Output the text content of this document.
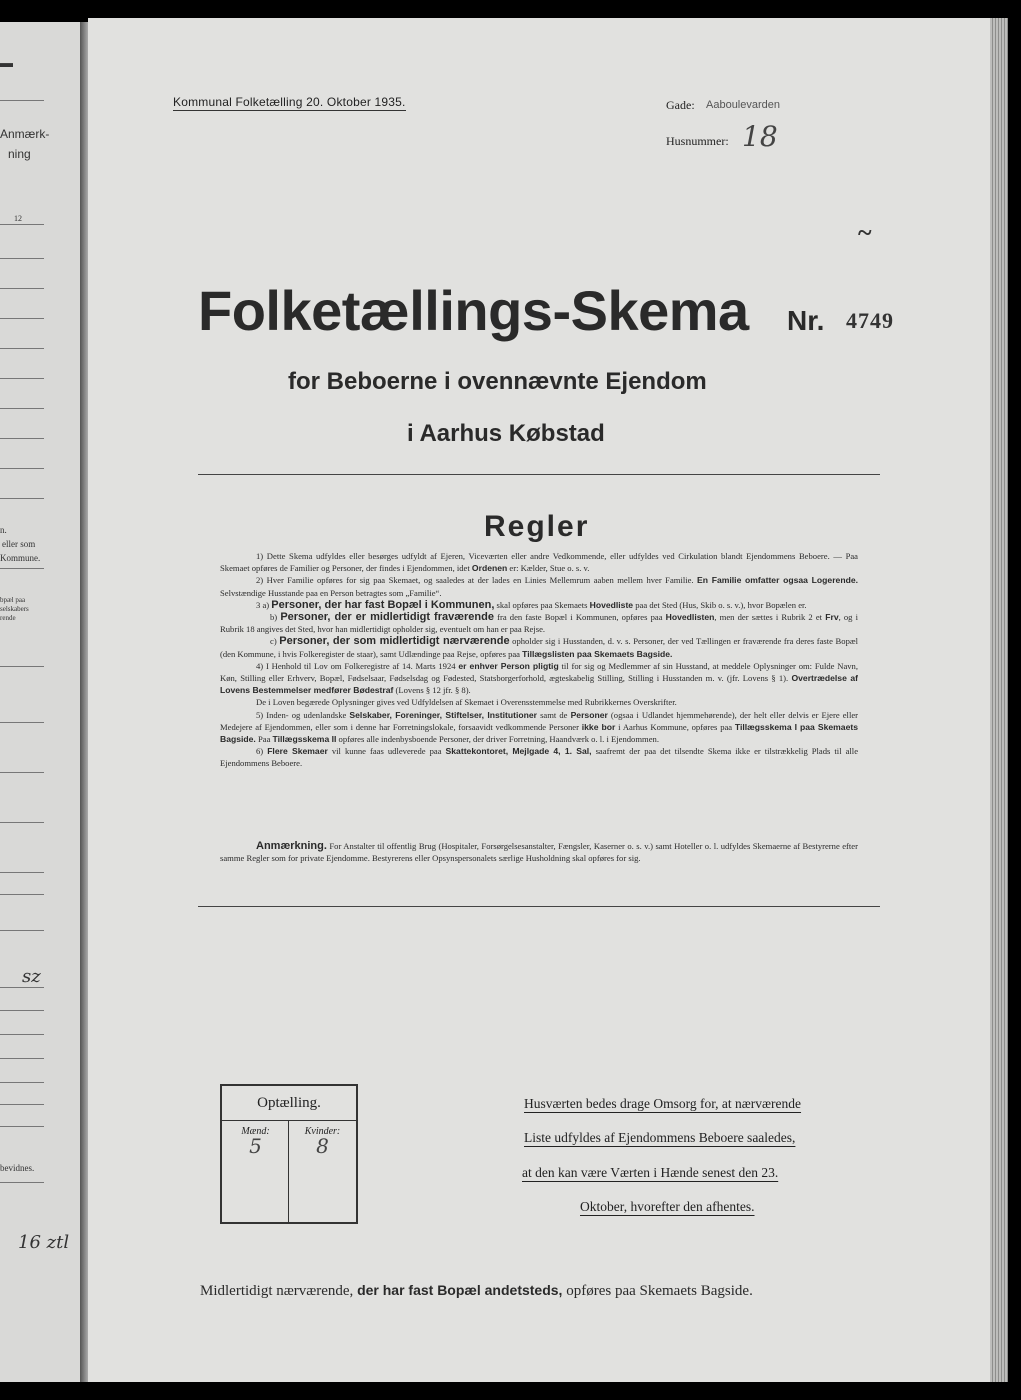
▬
Anmærk-
ning
12
n.
eller som
Kommune.
bpæl paa
selskabers
rende
sz
bevidnes.
16 ztl
Kommunal Folketælling 20. Oktober 1935.	Gade: Aaboulevarden
Husnummer: 18
~
Folketællings-Skema Nr. 4749
for Beboerne i ovennævnte Ejendom
i Aarhus Købstad
Regler

1) Dette Skema udfyldes eller besørges udfyldt af Ejeren, Viceværten eller andre Vedkommende, eller udfyldes ved Cirkulation blandt Ejendommens Beboere. — Paa Skemaet opføres de Familier og Personer, der findes i Ejendommen, idet Ordenen er: Kælder, Stue o. s. v.

2) Hver Familie opføres for sig paa Skemaet, og saaledes at der lades en Linies Mellemrum aaben mellem hver Familie. En Familie omfatter ogsaa Logerende. Selvstændige Husstande paa en Person betragtes som „Familie“.

3 a) Personer, der har fast Bopæl i Kommunen, skal opføres paa Skemaets Hovedliste paa det Sted (Hus, Skib o. s. v.), hvor Bopælen er.

b) Personer, der er midlertidigt fraværende fra den faste Bopæl i Kommunen, opføres paa Hovedlisten, men der sættes i Rubrik 2 et Frv, og i Rubrik 18 angives det Sted, hvor han midlertidigt opholder sig, eventuelt om han er paa Rejse.

c) Personer, der som midlertidigt nærværende opholder sig i Husstanden, d. v. s. Personer, der ved Tællingen er fraværende fra deres faste Bopæl (den Kommune, i hvis Folkeregister de staar), samt Udlændinge paa Rejse, opføres paa Tillægslisten paa Skemaets Bagside.

4) I Henhold til Lov om Folkeregistre af 14. Marts 1924 er enhver Person pligtig til for sig og Medlemmer af sin Husstand, at meddele Oplysninger om: Fulde Navn, Køn, Stilling eller Erhverv, Bopæl, Fødselsaar, Fødselsdag og Fødested, Statsborgerforhold, ægteskabelig Stilling, Stilling i Husstanden m. v. (jfr. Lovens § 1). Overtrædelse af Lovens Bestemmelser medfører Bødestraf (Lovens § 12 jfr. § 8).

De i Loven begærede Oplysninger gives ved Udfyldelsen af Skemaet i Overensstemmelse med Rubrikkernes Overskrifter.

5) Inden- og udenlandske Selskaber, Foreninger, Stiftelser, Institutioner samt de Personer (ogsaa i Udlandet hjemmehørende), der helt eller delvis er Ejere eller Medejere af Ejendommen, eller som i denne har Forretningslokale, forsaavidt vedkommende Personer ikke bor i Aarhus Kommune, opføres paa Tillægsskema I paa Skemaets Bagside. Paa Tillægsskema II opføres alle indenbysboende Personer, der driver Forretning, Haandværk o. l. i Ejendommen.

6) Flere Skemaer vil kunne faas udleverede paa Skattekontoret, Mejlgade 4, 1. Sal, saafremt der paa det tilsendte Skema ikke er tilstrækkelig Plads til alle Ejendommens Beboere.

Anmærkning. For Anstalter til offentlig Brug (Hospitaler, Forsørgelsesanstalter, Fængsler, Kaserner o. s. v.) samt Hoteller o. l. udfyldes Skemaerne af Bestyrerne efter samme Regler som for private Ejendomme. Bestyrerens eller Opsynspersonalets særlige Husholdning skal opføres for sig.
Optælling.
Mænd:
5
Kvinder:
8
Husværten bedes drage Omsorg for, at nærværende
Liste udfyldes af Ejendommens Beboere saaledes,
at den kan være Værten i Hænde senest den 23.
Oktober, hvorefter den afhentes.
Midlertidigt nærværende, der har fast Bopæl andetsteds, opføres paa Skemaets Bagside.
